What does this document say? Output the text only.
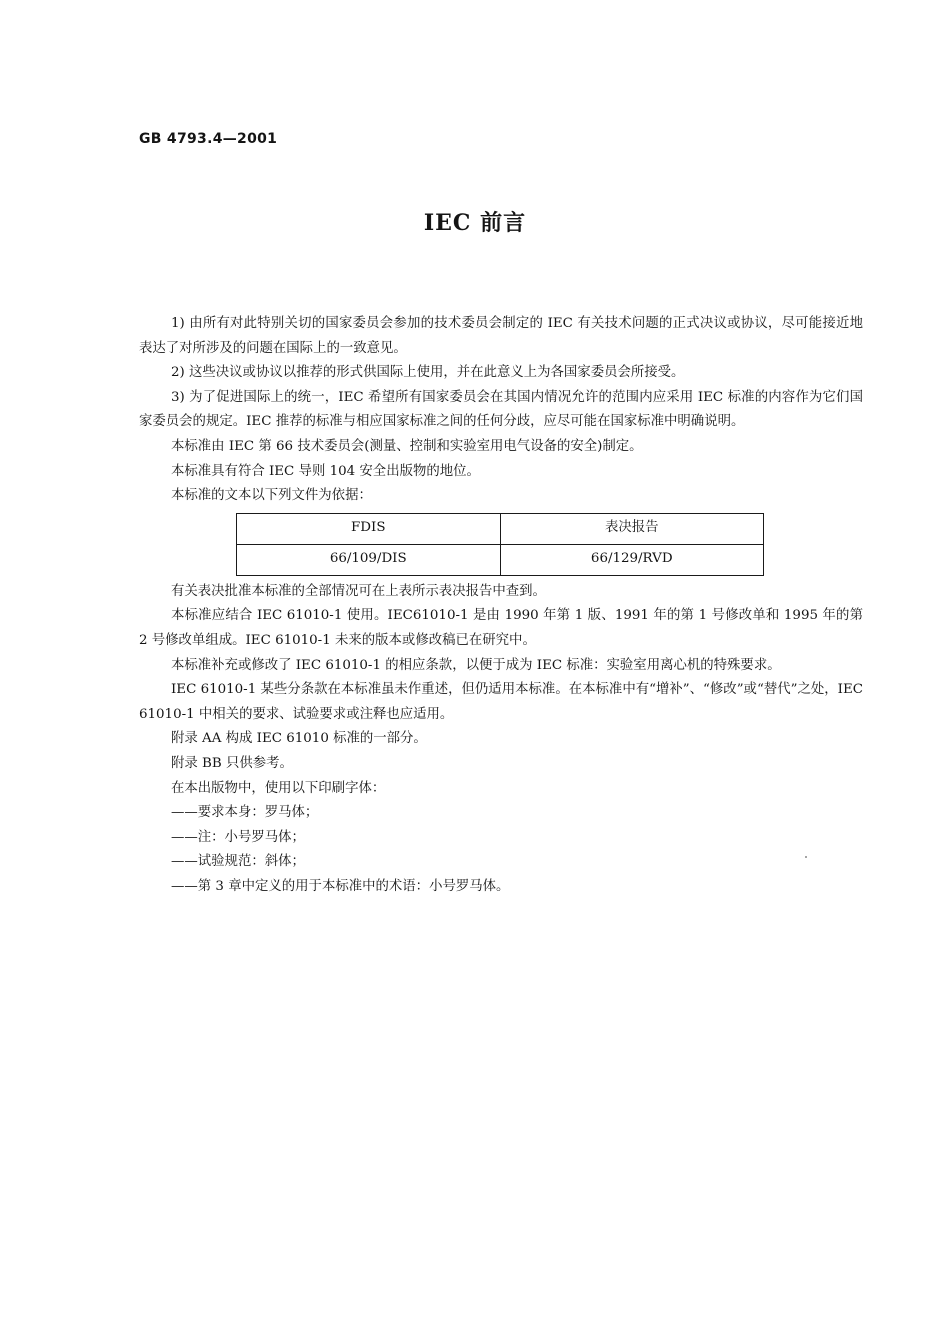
GB 4793.4—2001
IEC 前言

1) 由所有对此特别关切的国家委员会参加的技术委员会制定的 IEC 有关技术问题的正式决议或协议，尽可能接近地表达了对所涉及的问题在国际上的一致意见。

2) 这些决议或协议以推荐的形式供国际上使用，并在此意义上为各国家委员会所接受。

3) 为了促进国际上的统一，IEC 希望所有国家委员会在其国内情况允许的范围内应采用 IEC 标准的内容作为它们国家委员会的规定。IEC 推荐的标准与相应国家标准之间的任何分歧，应尽可能在国家标准中明确说明。

本标准由 IEC 第 66 技术委员会(测量、控制和实验室用电气设备的安全)制定。

本标准具有符合 IEC 导则 104 安全出版物的地位。

本标准的文本以下列文件为依据：

FDIS	表决报告
66/109/DIS	66/129/RVD

有关表决批准本标准的全部情况可在上表所示表决报告中查到。

本标准应结合 IEC 61010-1 使用。IEC61010-1 是由 1990 年第 1 版、1991 年的第 1 号修改单和 1995 年的第 2 号修改单组成。IEC 61010-1 未来的版本或修改稿已在研究中。

本标准补充或修改了 IEC 61010-1 的相应条款，以便于成为 IEC 标准：实验室用离心机的特殊要求。

IEC 61010-1 某些分条款在本标准虽未作重述，但仍适用本标准。在本标准中有“增补”、“修改”或“替代”之处，IEC 61010-1 中相关的要求、试验要求或注释也应适用。

附录 AA 构成 IEC 61010 标准的一部分。

附录 BB 只供参考。

在本出版物中，使用以下印刷字体：

——要求本身：罗马体；

——注：小号罗马体；

——试验规范：斜体；

——第 3 章中定义的用于本标准中的术语：小号罗马体。
